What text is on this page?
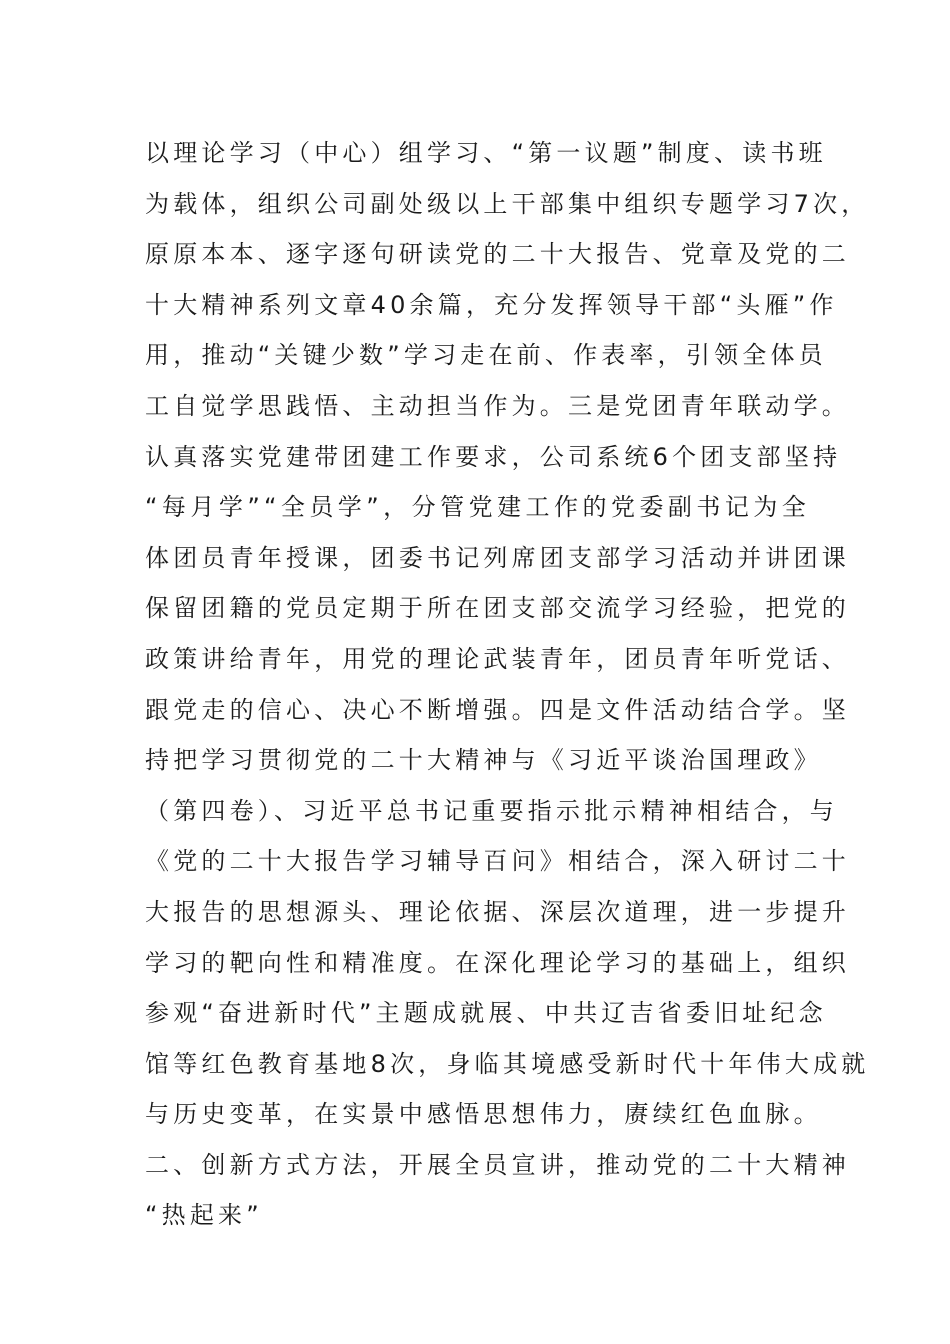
以理论学习（中心）组学习、“第一议题”制度、读书班
为载体，组织公司副处级以上干部集中组织专题学习7次，
原原本本、逐字逐句研读党的二十大报告、党章及党的二
十大精神系列文章40余篇，充分发挥领导干部“头雁”作
用，推动“关键少数”学习走在前、作表率，引领全体员
工自觉学思践悟、主动担当作为。三是党团青年联动学。
认真落实党建带团建工作要求，公司系统6个团支部坚持
“每月学”“全员学”，分管党建工作的党委副书记为全
体团员青年授课，团委书记列席团支部学习活动并讲团课
保留团籍的党员定期于所在团支部交流学习经验，把党的
政策讲给青年，用党的理论武装青年，团员青年听党话、
跟党走的信心、决心不断增强。四是文件活动结合学。坚
持把学习贯彻党的二十大精神与《习近平谈治国理政》
（第四卷）、习近平总书记重要指示批示精神相结合，与
《党的二十大报告学习辅导百问》相结合，深入研讨二十
大报告的思想源头、理论依据、深层次道理，进一步提升
学习的靶向性和精准度。在深化理论学习的基础上，组织
参观“奋进新时代”主题成就展、中共辽吉省委旧址纪念
馆等红色教育基地8次，身临其境感受新时代十年伟大成就
与历史变革，在实景中感悟思想伟力，赓续红色血脉。
二、创新方式方法，开展全员宣讲，推动党的二十大精神
“热起来”
